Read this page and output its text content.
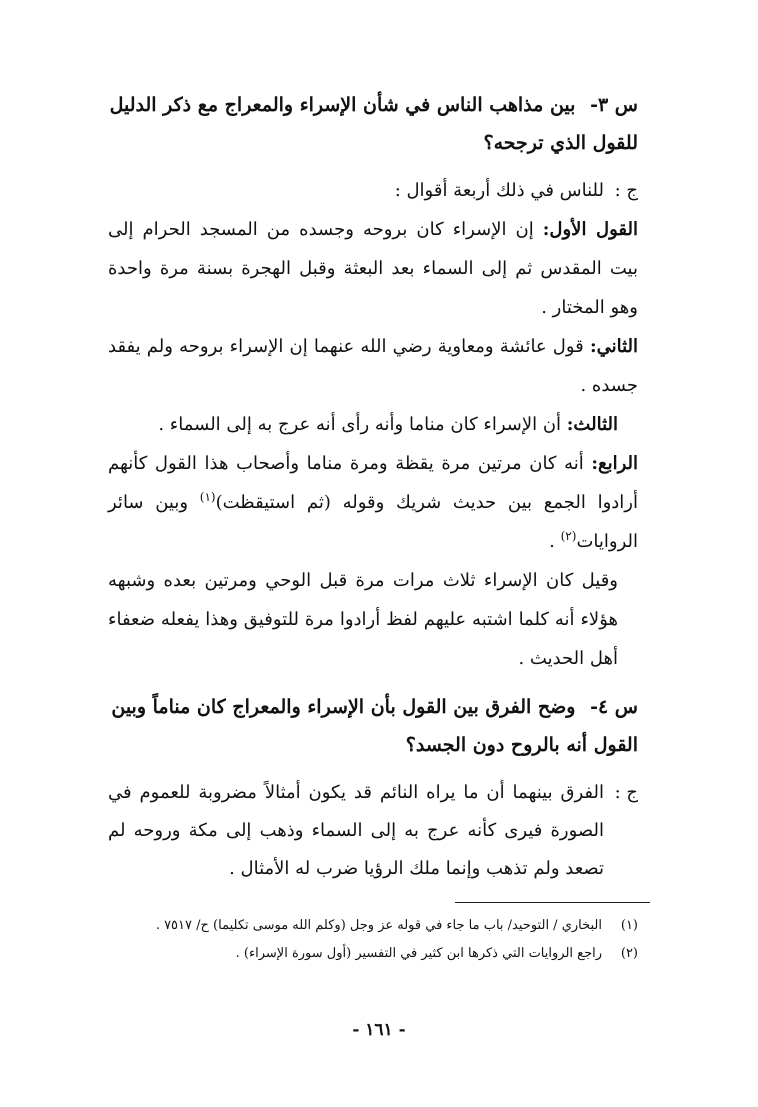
س ٣- بين مذاهب الناس في شأن الإسراء والمعراج مع ذكر الدليل للقول الذي ترجحه؟
ج :
للناس في ذلك أربعة أقوال :

القول الأول: إن الإسراء كان بروحه وجسده من المسجد الحرام إلى بيت المقدس ثم إلى السماء بعد البعثة وقبل الهجرة بسنة مرة واحدة وهو المختار .

الثاني: قول عائشة ومعاوية رضي الله عنهما إن الإسراء بروحه ولم يفقد جسده .

الثالث: أن الإسراء كان مناما وأنه رأى أنه عرج به إلى السماء .

الرابع: أنه كان مرتين مرة يقظة ومرة مناما وأصحاب هذا القول كأنهم أرادوا الجمع بين حديث شريك وقوله (ثم استيقظت)$^{(١)}$ وبين سائر الروايات$^{(٢)}$ .

وقيل كان الإسراء ثلاث مرات مرة قبل الوحي ومرتين بعده وشبهه هؤلاء أنه كلما اشتبه عليهم لفظ أرادوا مرة للتوفيق وهذا يفعله ضعفاء أهل الحديث .

س ٤- وضح الفرق بين القول بأن الإسراء والمعراج كان مناماً وبين القول أنه بالروح دون الجسد؟
ج :
الفرق بينهما أن ما يراه النائم قد يكون أمثالاً مضروبة للعموم في الصورة فيرى كأنه عرج به إلى السماء وذهب إلى مكة وروحه لم تصعد ولم تذهب وإنما ملك الرؤيا ضرب له الأمثال .
(١)
البخاري / التوحيد/ باب ما جاء في قوله عز وجل (وكلم الله موسى تكليما) ح/ ٧٥١٧ .
(٢)
راجع الروايات التي ذكرها ابن كثير في التفسير (أول سورة الإسراء) .
- ١٦١ -
